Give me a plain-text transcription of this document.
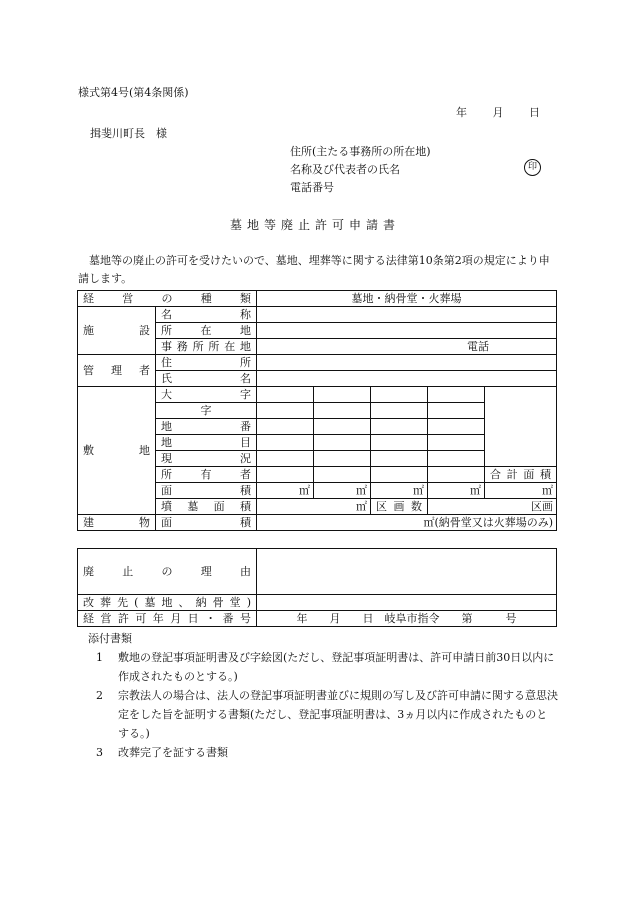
様式第4号(第4条関係)
年 月 日
揖斐川町長　様
住所(主たる事務所の所在地)
名称及び代表者の氏名	印
電話番号
墓地等廃止許可申請書
墓地等の廃止の許可を受けたいので、墓地、埋葬等に関する法律第10条第2項の規定により申請します。
経営の種類		墓地・納骨堂・火葬場				
施設	名称					
	所在地					
	事務所所在地	電話				
管理者	住所					
	氏名					
敷地	大字					
	字					
	地番					
	地目					
	現況					
	所有者					合計面積
	面積	㎡	㎡	㎡	㎡	㎡
	墳墓面積	㎡		区画数	区画	
建物	面積	㎡(納骨堂又は火葬場のみ)				
廃止の理由	
改葬先(墓地、納骨堂)	
経営許可年月日・番号	年　　月　　日　岐阜市指令　　第　　　号
添付書類
1 敷地の登記事項証明書及び字絵図(ただし、登記事項証明書は、許可申請日前30日以内に作成されたものとする。)
2 宗教法人の場合は、法人の登記事項証明書並びに規則の写し及び許可申請に関する意思決定をした旨を証明する書類(ただし、登記事項証明書は、3ヵ月以内に作成されたものとする。)
3 改葬完了を証する書類
